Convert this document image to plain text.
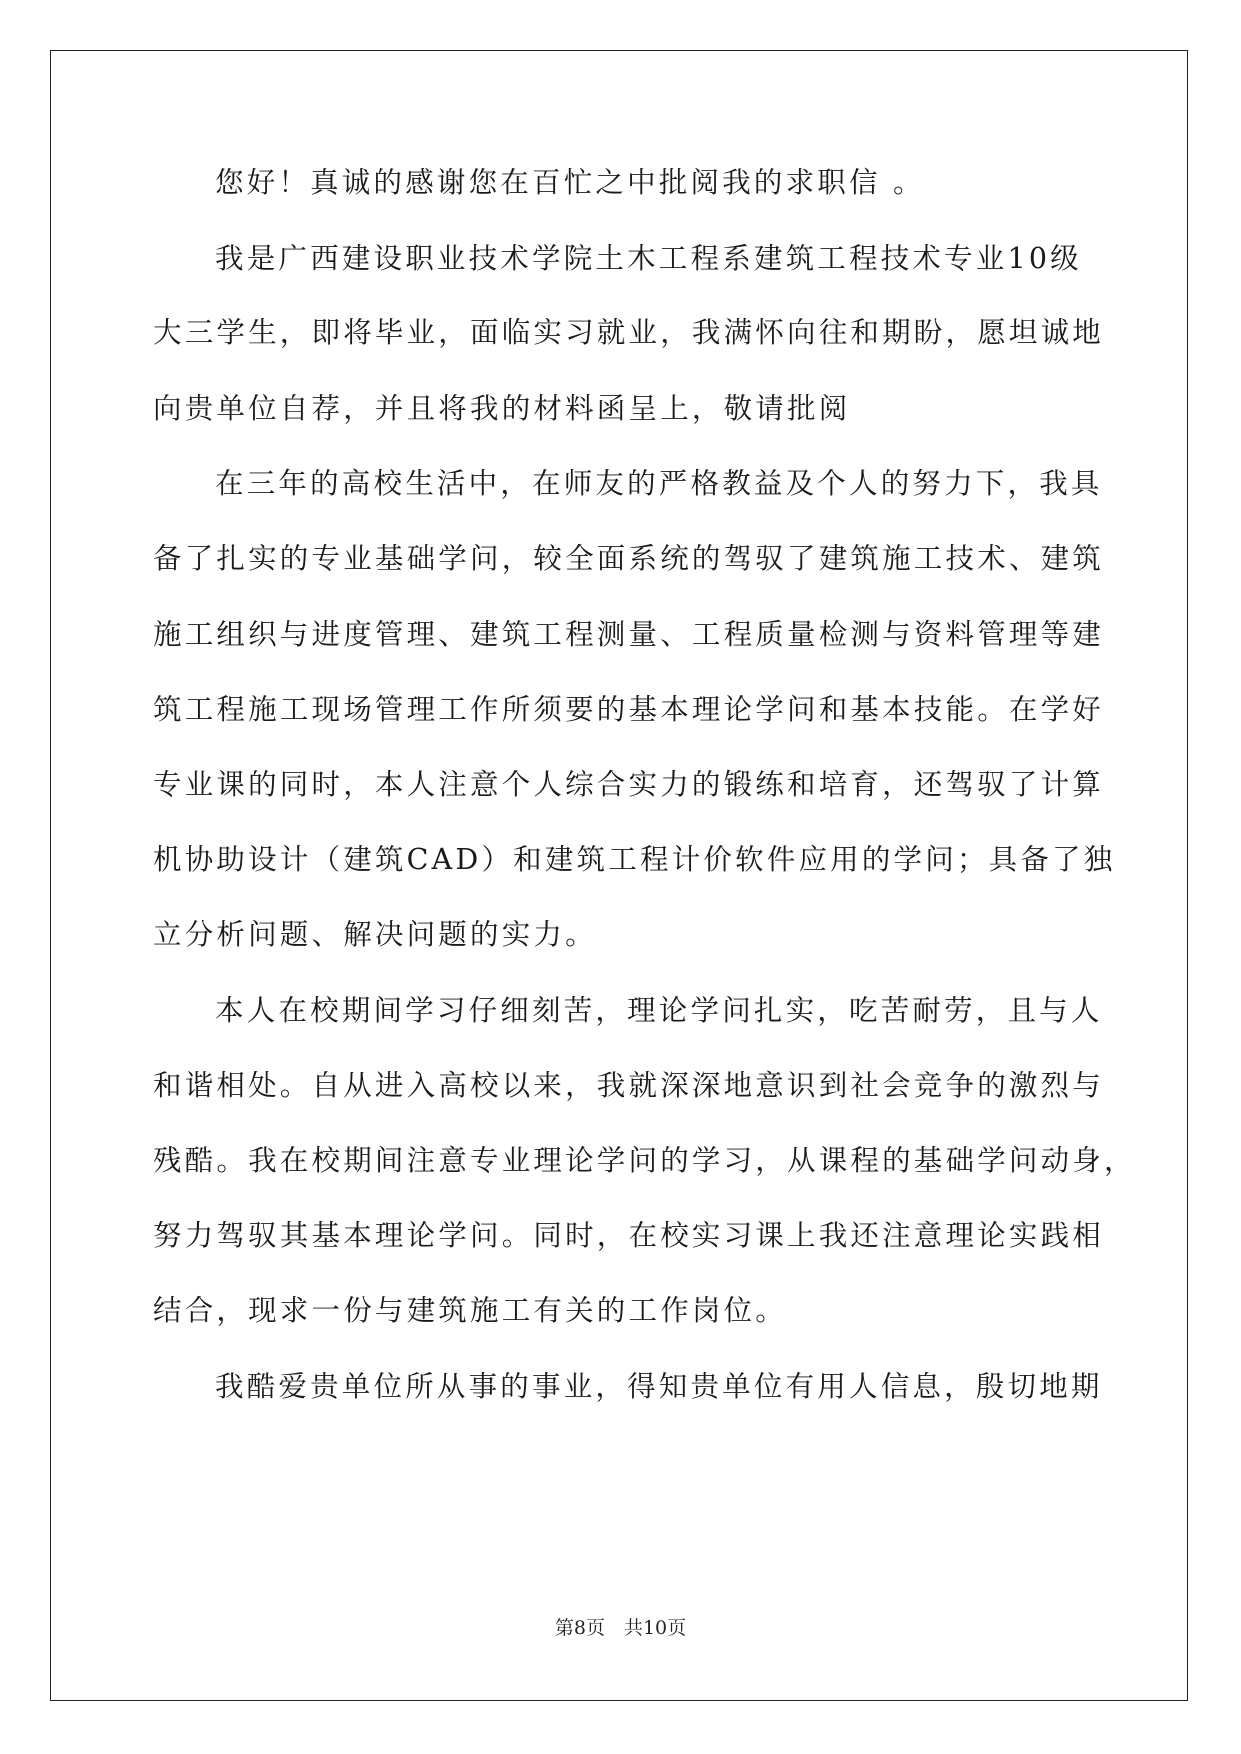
您好！真诚的感谢您在百忙之中批阅我的求职信 。
我是广西建设职业技术学院土木工程系建筑工程技术专业10级
大三学生，即将毕业，面临实习就业，我满怀向往和期盼，愿坦诚地
向贵单位自荐，并且将我的材料函呈上，敬请批阅
在三年的高校生活中，在师友的严格教益及个人的努力下，我具
备了扎实的专业基础学问，较全面系统的驾驭了建筑施工技术、建筑
施工组织与进度管理、建筑工程测量、工程质量检测与资料管理等建
筑工程施工现场管理工作所须要的基本理论学问和基本技能。在学好
专业课的同时，本人注意个人综合实力的锻练和培育，还驾驭了计算
机协助设计（建筑CAD）和建筑工程计价软件应用的学问；具备了独
立分析问题、解决问题的实力。
本人在校期间学习仔细刻苦，理论学问扎实，吃苦耐劳，且与人
和谐相处。自从进入高校以来，我就深深地意识到社会竞争的激烈与
残酷。我在校期间注意专业理论学问的学习，从课程的基础学问动身，
努力驾驭其基本理论学问。同时，在校实习课上我还注意理论实践相
结合，现求一份与建筑施工有关的工作岗位。
我酷爱贵单位所从事的事业，得知贵单位有用人信息，殷切地期
第8页　共10页
